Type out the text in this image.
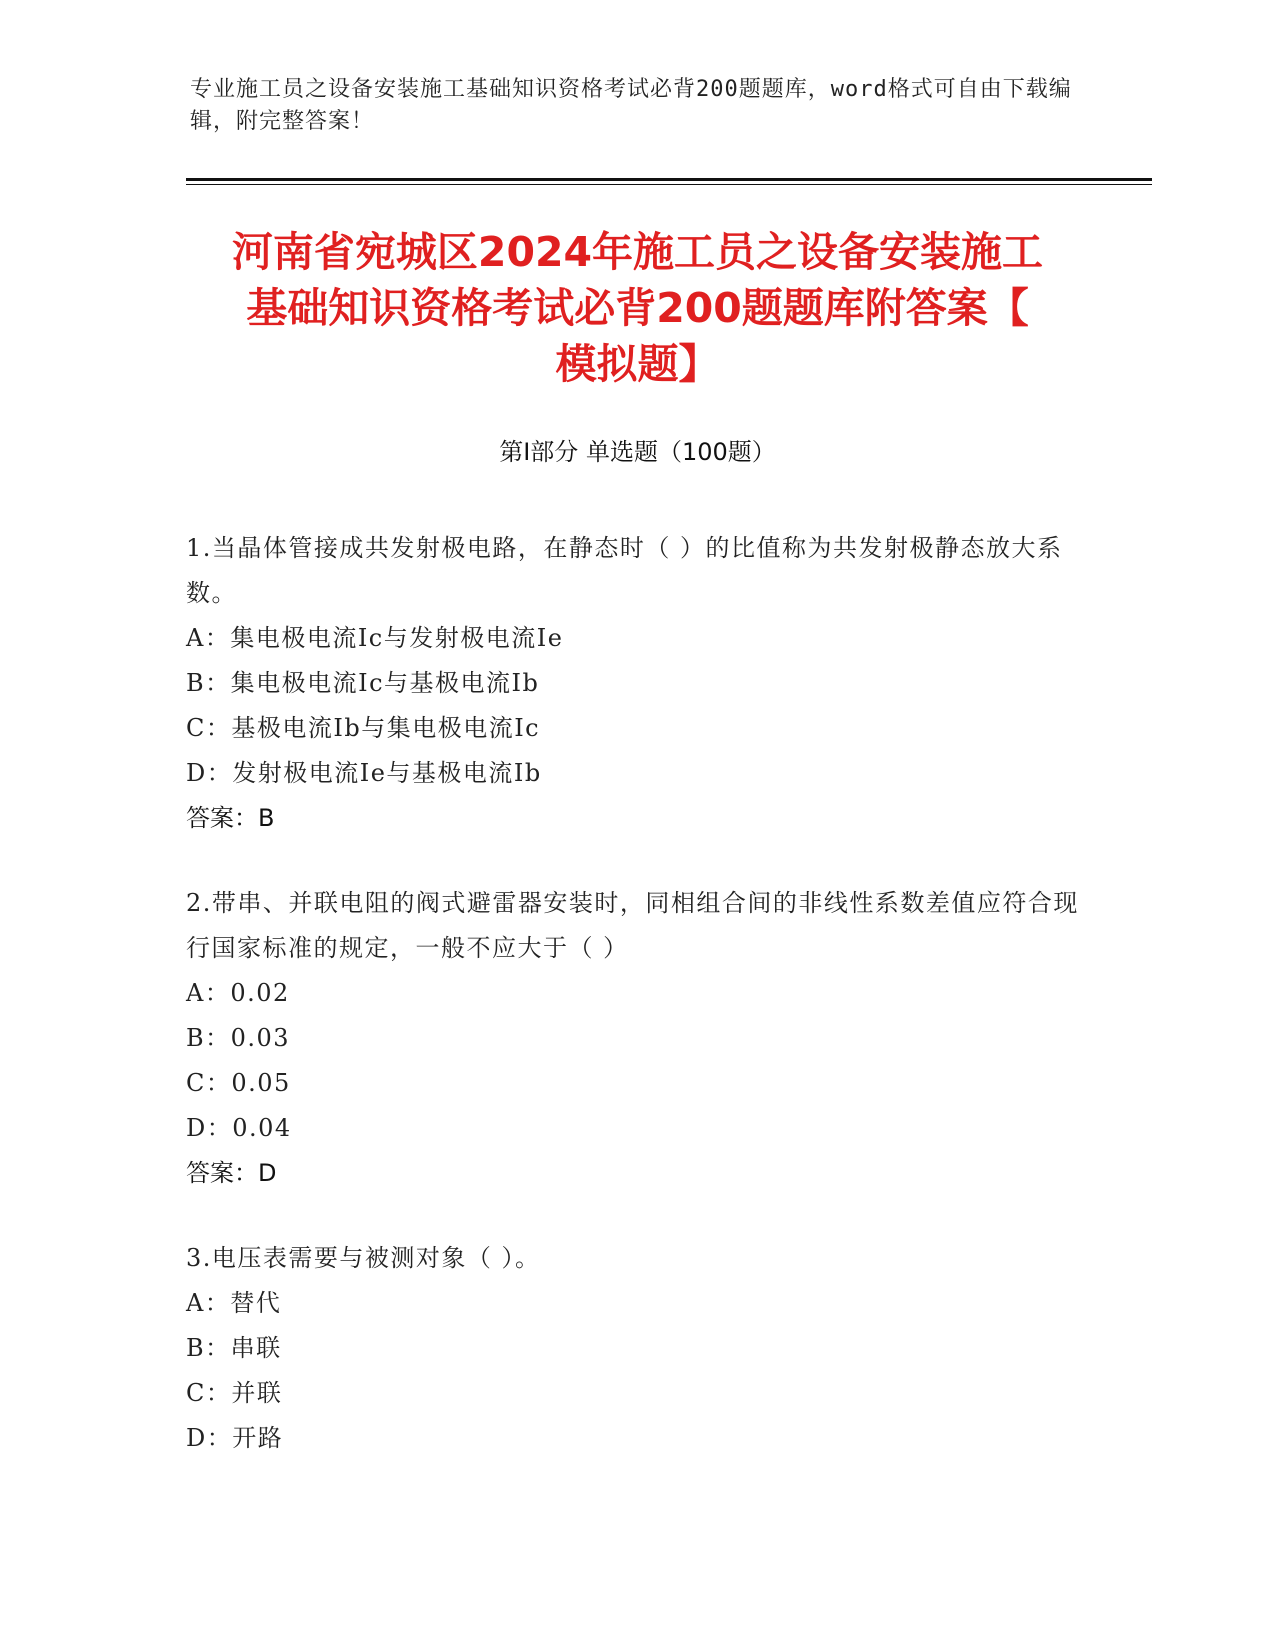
专业施工员之设备安装施工基础知识资格考试必背200题题库，word格式可自由下载编辑，附完整答案！
河南省宛城区2024年施工员之设备安装施工
基础知识资格考试必背200题题库附答案【
模拟题】
第Ⅰ部分 单选题（100题）

1.当晶体管接成共发射极电路，在静态时（ ）的比值称为共发射极静态放大系数。

A：集电极电流Ic与发射极电流Ie

B：集电极电流Ic与基极电流Ib

C：基极电流Ib与集电极电流Ic

D：发射极电流Ie与基极电流Ib

答案：B

2.带串、并联电阻的阀式避雷器安装时，同相组合间的非线性系数差值应符合现行国家标准的规定，一般不应大于（ ）

A：0.02

B：0.03

C：0.05

D：0.04

答案：D

3.电压表需要与被测对象（ ）。

A：替代

B：串联

C：并联

D：开路
